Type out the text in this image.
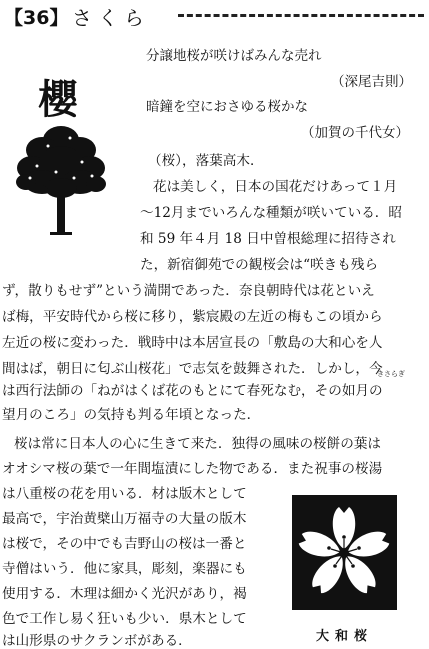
【36】 さくら
櫻
分譲地桜が咲けばみんな売れ
（深尾吉則）
暗鐘を空におさゆる桜かな
（加賀の千代女）
（桜），落葉高木．
花は美しく，日本の国花だけあって１月
〜12月までいろんな種類が咲いている．昭
和 59 年４月 18 日中曽根総理に招待され
た，新宿御苑での観桜会は“咲きも残ら
ず，散りもせず”という満開であった．奈良朝時代は花といえ
ば梅，平安時代から桜に移り，紫宸殿の左近の梅もこの頃から
左近の桜に変わった．戦時中は本居宣長の「敷島の大和心を人
間はば，朝日に匂ぶ山桜花」で志気を鼓舞された．しかし，今
きさらぎ
は西行法師の「ねがはくば花のもとにて春死なむ，その如月の
望月のころ」の気持も判る年頃となった．
桜は常に日本人の心に生きて来た．独得の風味の桜餅の葉は
オオシマ桜の葉で一年間塩漬にした物である．また祝事の桜湯
は八重桜の花を用いる．材は版木として
最高で，宇治黄檗山万福寺の大量の版木
は桜で，その中でも吉野山の桜は一番と
寺僧はいう．他に家具，彫刻，楽器にも
使用する．木理は細かく光沢があり，褐
色で工作し易く狂いも少い．県木として
は山形県のサクランボがある．	大和桜
